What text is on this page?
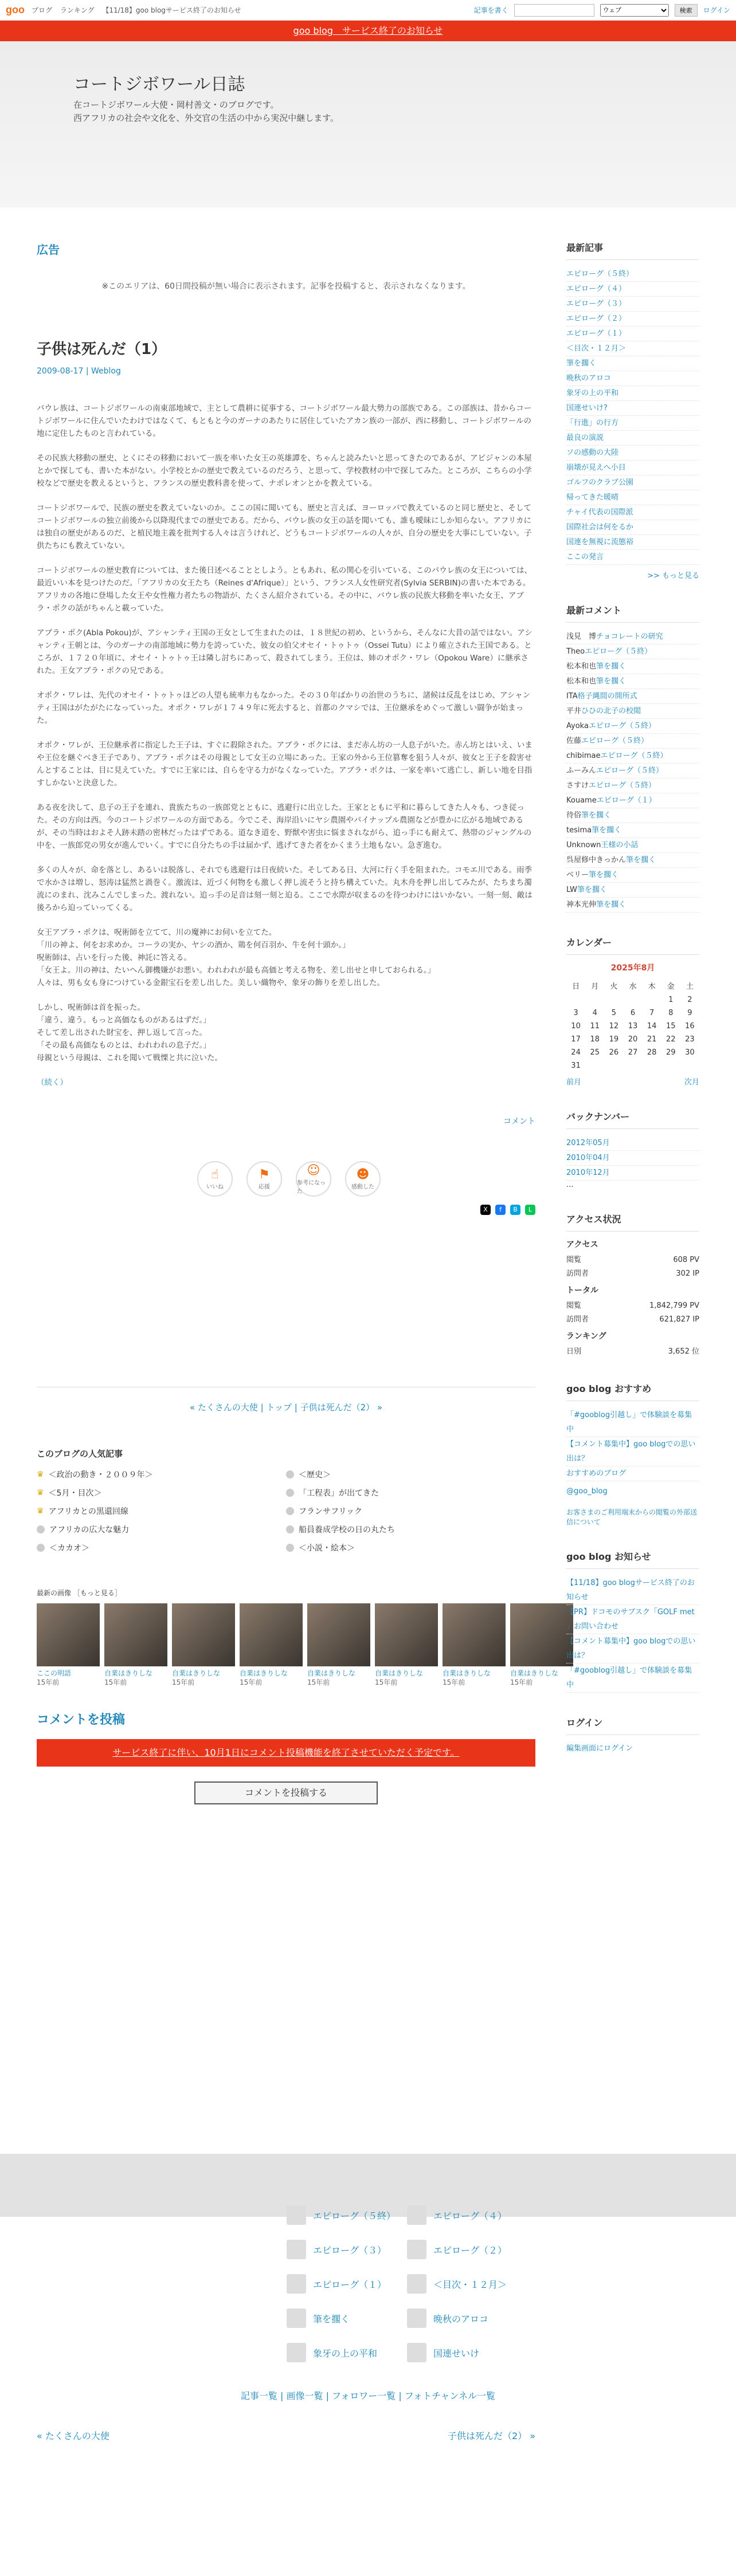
goo ブログ ランキング 【11/18】goo blogサービス終了のお知らせ	記事を書く
ウェブ	検索	ログイン
goo blog　サービス終了のお知らせ
コートジボワール日誌
在コートジボワール大使・岡村善文・のブログです。
西アフリカの社会や文化を、外交官の生活の中から実況中継します。
広告
※このエリアは、60日間投稿が無い場合に表示されます。記事を投稿すると、表示されなくなります。
子供は死んだ（1）
2009-08-17 | Weblog

バウレ族は、コートジボワールの南東部地域で、主として農耕に従事する、コートジボワール最大勢力の部族である。この部族は、昔からコートジボワールに住んでいたわけではなくて、もともと今のガーナのあたりに居住していたアカン族の一部が、西に移動し、コートジボワールの地に定住したものと言われている。

その民族大移動の歴史、とくにその移動において一族を率いた女王の英雄譚を、ちゃんと読みたいと思ってきたのであるが、アビジャンの本屋とかで探しても、書いた本がない。小学校とかの歴史で教えているのだろう、と思って、学校教材の中で探してみた。ところが、こちらの小学校などで歴史を教えるというと、フランスの歴史教科書を使って、ナポレオンとかを教えている。

コートジボワールで、民族の歴史を教えていないのか。ここの国に聞いても、歴史と言えば、ヨーロッパで教えているのと同じ歴史と、そしてコートジボワールの独立前後から以降現代までの歴史である。だから、バウレ族の女王の話を聞いても、誰も曖昧にしか知らない。アフリカには独自の歴史があるのだ、と植民地主義を批判する人々は言うけれど、どうもコートジボワールの人々が、自分の歴史を大事にしていない。子供たちにも教えていない。

コートジボワールの歴史教育については、また後日述べることとしよう。ともあれ、私の関心を引いている、このバウレ族の女王については、最近いい本を見つけたのだ。「アフリカの女王たち（Reines d'Afrique）」という、フランス人女性研究者(Sylvia SERBIN)の書いた本である。アフリカの各地に登場した女王や女性権力者たちの物語が、たくさん紹介されている。その中に、バウレ族の民族大移動を率いた女王、アブラ・ポクの話がちゃんと載っていた。

アブラ・ポク(Abla Pokou)が、アシャンティ王国の王女として生まれたのは、１８世紀の初め、というから、そんなに大昔の話ではない。アシャンティ王朝とは、今のガーナの南部地域に勢力を誇っていた、彼女の伯父オセイ・トゥトゥ（Ossei Tutu）により確立された王国である。ところが、１７２０年頃に、オセイ・トゥトゥ王は隣し討ちにあって、殺されてしまう。王位は、姉のオポク・ワレ（Opokou Ware）に継承された。王女アブラ・ポクの兄である。

オポク・ワレは、先代のオセイ・トゥトゥほどの人望も統率力もなかった。その３０年ばかりの治世のうちに、諸候は反乱をはじめ、アシャンティ王国はがたがたになっていった。オポク・ワレが１７４９年に死去すると、首都のクマシでは、王位継承をめぐって激しい闘争が始まった。

オポク・ワレが、王位継承者に指定した王子は、すぐに殺除された。アブラ・ポクには、まだ赤ん坊の一人息子がいた。赤ん坊とはいえ、いまや王位を継ぐべき王子であり、アブラ・ポクはその母親として女王の立場にあった。王家の外から王位篡奪を狙う人々が、彼女と王子を殺害せんとすることは、目に見えていた。すでに王家には、自らを守る力がなくなっていた。アブラ・ポクは、一家を率いて逃亡し、新しい地を目指すしかないと決意した。

ある夜を決して、息子の王子を連れ、貴族たちの一族郎党とともに、逃避行に出立した。王家とともに平和に暮らしてきた人々も、つき従った。その方向は西。今のコートジボワールの方面である。今でこそ、海岸沿いにヤシ農園やパイナップル農園などが豊かに広がる地域であるが、その当時はおよそ人跡未踏の密林だったはずである。道なき道を、野獣や害虫に悩まされながら、追っ手にも耐えて、熱帯のジャングルの中を、一族郎党の男女が進んでいく。すでに自分たちの手は届かず、逃げてきた者をかくまう土地もない。急ぎ進む。

多くの人々が、命を落とし、あるいは脱落し、それでも逃避行は日夜続いた。そしてある日、大河に行く手を阻まれた。コモエ川である。雨季で水かさは増し、怒涛は猛然と渦巻く。激流は、近づく何物をも激しく押し流そうと持ち構えていた。丸木舟を押し出してみたが、たちまち濁流にのまれ、沈みこんでしまった。渡れない。追っ手の足音は刻一刻と迫る。ここで水際が収まるのを待つわけにはいかない。一刻一刻、敵は後ろから迫っていってくる。

女王アブラ・ポクは、呪術師を立てて、川の魔神にお伺いを立てた。
「川の神よ、何をお求めか。コーラの実か、ヤシの酒か、鶏を何百羽か、牛を何十頭か。」
呪術師は、占いを行った後、神託に答える。
「女王よ。川の神は、たいへん御機嫌がお悪い。われわれが最も高価と考える物を、差し出せと申しておられる。」
人々は、男も女も身につけている金銀宝石を差し出した。美しい織物や、象牙の飾りを差し出した。

しかし、呪術師は首を振った。
「違う、違う。もっと高価なものがあるはずだ。」
そして差し出された財宝を、押し返して言った。
「その最も高価なものとは、われわれの息子だ。」
母親という母親は、これを聞いて戦慄と共に泣いた。

（続く）

コメント
☝
いいね
⚑
応援
☺
参考になった
☻
感動した
X	f	B	L
« たくさんの大使 | トップ | 子供は死んだ（2） »
このブログの人気記事
♛ ＜政治の動き・２００９年＞	＜歴史＞
♛ ＜5月・目次＞	「工程表」が出てきた
♛ アフリカとの黒還回線	フランサフリック
アフリカの広大な魅力	船員養成学校の日の丸たち
＜カカオ＞	＜小説・絵本＞
最新の画像 ［もっと見る］
ここの明語
15年前
自業はきりしな
15年前
自業はきりしな
15年前
自業はきりしな
15年前
自業はきりしな
15年前
自業はきりしな
15年前
自業はきりしな
15年前
自業はきりしな
15年前
コメントを投稿
サービス終了に伴い、10月1日にコメント投稿機能を終了させていただく予定です。
コメントを投稿する
最新記事
エピローグ（５終）
エピローグ（４）
エピローグ（３）
エピローグ（２）
エピローグ（１）
＜目次・１２月＞
筆を擱く
晩秋のアロコ
象牙の上の平和
国連せいけ?
「行進」の行方
最良の演説
ソの感動の大陸
崩壊が見えへ小目
ゴルフのクラブ公園
帰ってきた暖晴
チャイ代表の国際派
国際社会は何をるか
国連を無視に流態裕
ここの発言
>> もっと見る
最新コメント
浅見　博チョコレートの研究
Theoエピローグ（５終）
松本和也筆を擱く
松本和也筆を擱く
ITA格子縄間の開所式
平井ひひの北子の校閲
Ayokaエピローグ（５終）
佐藤エピローグ（５終）
chibimaeエピローグ（５終）
ふーみんエピローグ（５終）
さすけエピローグ（５終）
Kouameエピローグ（１）
待俗筆を擱く
tesima筆を擱く
Unknown王様の小話
呉屋修中きっかん筆を擱く
ベリー筆を擱く
LW筆を擱く
神本光伸筆を擱く
カレンダー
2025年8月
日	月	火	水	木	金	土
					1	2
3	4	5	6	7	8	9
10	11	12	13	14	15	16
17	18	19	20	21	22	23
24	25	26	27	28	29	30
31						
前月	次月
バックナンバー
2012年05月
2010年04月
2010年12月
...
アクセス状況
アクセス
閲覧	608 PV
訪問者	302 IP
トータル
閲覧	1,842,799 PV
訪問者	621,827 IP
ランキング
日別	3,652 位
goo blog おすすめ
「#gooblog引越し」で体験談を募集中
【コメント募集中】goo blogでの思い出は？
おすすめのブログ
@goo_blog
お客さまのご利用端末からの閲覧の外部送信について
goo blog お知らせ
【11/18】goo blogサービス終了のお知らせ
【PR】ドコモのサブスク「GOLF met 」お問い合わせ
【コメント募集中】goo blogでの思い出は？
「#gooblog引越し」で体験談を募集中
ログイン
編集画面にログイン
エピローグ（５終）	エピローグ（４）
エピローグ（３）	エピローグ（２）
エピローグ（１）	＜目次・１２月＞
筆を擱く	晩秋のアロコ
象牙の上の平和	国連せいけ
記事一覧 | 画像一覧 | フォロワー一覧 | フォトチャンネル一覧
« たくさんの大使	子供は死んだ（2） »
